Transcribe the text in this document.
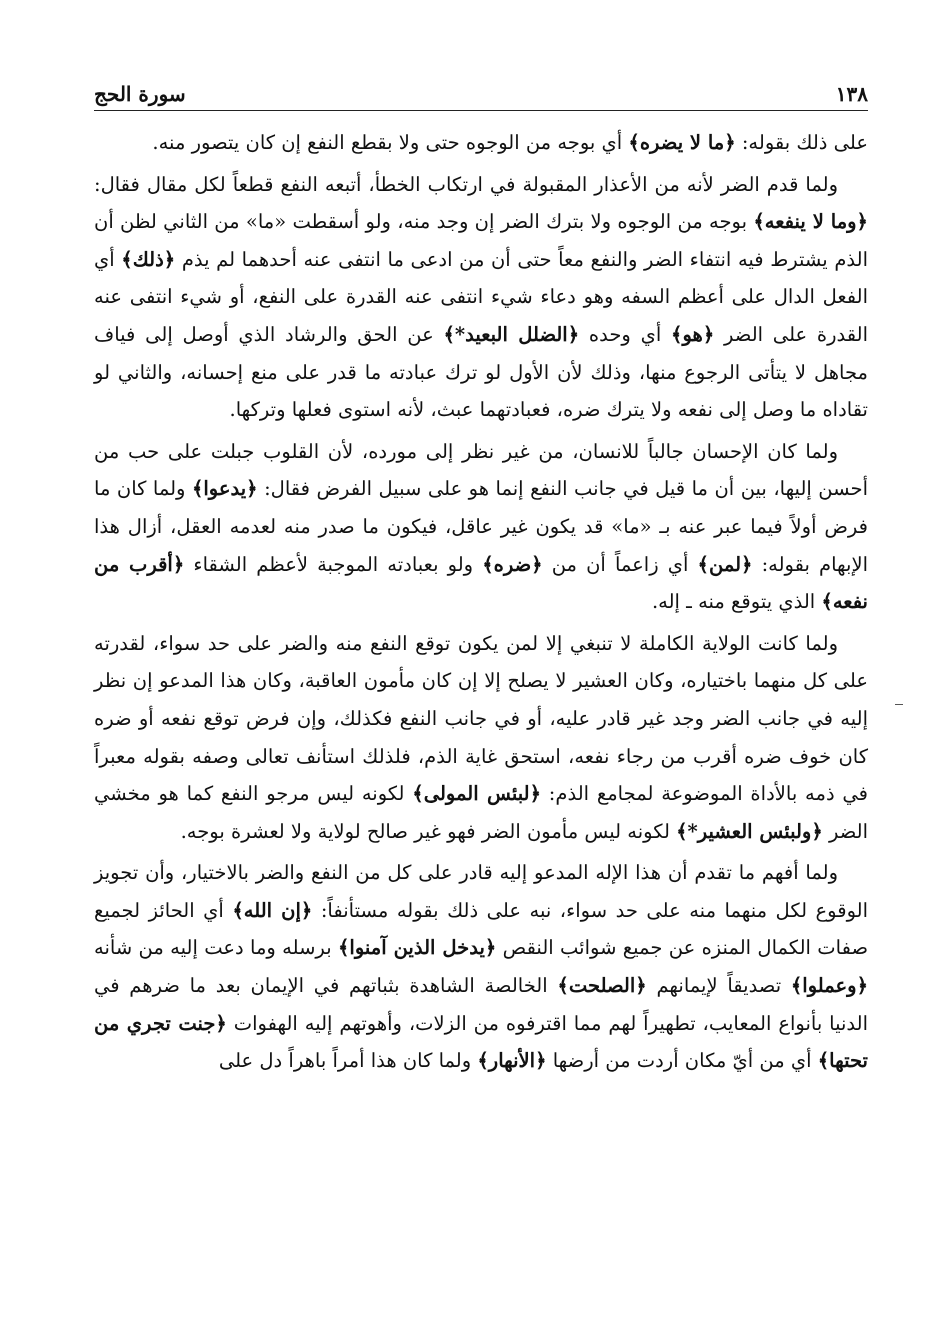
١٣٨
سورة الحج

على ذلك بقوله: ﴿ما لا يضره﴾ أي بوجه من الوجوه حتى ولا بقطع النفع إن كان يتصور منه.

ولما قدم الضر لأنه من الأعذار المقبولة في ارتكاب الخطأ، أتبعه النفع قطعاً لكل مقال فقال: ﴿وما لا ينفعه﴾ بوجه من الوجوه ولا بترك الضر إن وجد منه، ولو أسقطت «ما» من الثاني لظن أن الذم يشترط فيه انتفاء الضر والنفع معاً حتى أن من ادعى ما انتفى عنه أحدهما لم يذم ﴿ذلك﴾ أي الفعل الدال على أعظم السفه وهو دعاء شيء انتفى عنه القدرة على النفع، أو شيء انتفى عنه القدرة على الضر ﴿هو﴾ أي وحده ﴿الضلل البعيد*﴾ عن الحق والرشاد الذي أوصل إلى فياف مجاهل لا يتأتى الرجوع منها، وذلك لأن الأول لو ترك عبادته ما قدر على منع إحسانه، والثاني لو تقاداه ما وصل إلى نفعه ولا يترك ضره، فعبادتهما عبث، لأنه استوى فعلها وتركها.

ولما كان الإحسان جالباً للانسان، من غير نظر إلى مورده، لأن القلوب جبلت على حب من أحسن إليها، بين أن ما قيل في جانب النفع إنما هو على سبيل الفرض فقال: ﴿يدعوا﴾ ولما كان ما فرض أولاً فيما عبر عنه بـ «ما» قد يكون غير عاقل، فيكون ما صدر منه لعدمه العقل، أزال هذا الإبهام بقوله: ﴿لمن﴾ أي زاعماً أن من ﴿ضره﴾ ولو بعبادته الموجبة لأعظم الشقاء ﴿أقرب من نفعه﴾ الذي يتوقع منه ـ إله.

ولما كانت الولاية الكاملة لا تنبغي إلا لمن يكون توقع النفع منه والضر على حد سواء، لقدرته على كل منهما باختياره، وكان العشير لا يصلح إلا إن كان مأمون العاقبة، وكان هذا المدعو إن نظر إليه في جانب الضر وجد غير قادر عليه، أو في جانب النفع فكذلك، وإن فرض توقع نفعه أو ضره كان خوف ضره أقرب من رجاء نفعه، استحق غاية الذم، فلذلك استأنف تعالى وصفه بقوله معبراً في ذمه بالأداة الموضوعة لمجامع الذم: ﴿لبئس المولى﴾ لكونه ليس مرجو النفع كما هو مخشي الضر ﴿ولبئس العشير*﴾ لكونه ليس مأمون الضر فهو غير صالح لولاية ولا لعشرة بوجه.

ولما أفهم ما تقدم أن هذا الإله المدعو إليه قادر على كل من النفع والضر بالاختيار، وأن تجويز الوقوع لكل منهما منه على حد سواء، نبه على ذلك بقوله مستأنفاً: ﴿إن الله﴾ أي الحائز لجميع صفات الكمال المنزه عن جميع شوائب النقص ﴿يدخل الذين آمنوا﴾ برسله وما دعت إليه من شأنه ﴿وعملوا﴾ تصديقاً لإيمانهم ﴿الصلحت﴾ الخالصة الشاهدة بثباتهم في الإيمان بعد ما ضرهم في الدنيا بأنواع المعايب، تطهيراً لهم مما اقترفوه من الزلات، وأهوتهم إليه الهفوات ﴿جنت تجري من تحتها﴾ أي من أيّ مكان أردت من أرضها ﴿الأنهار﴾ ولما كان هذا أمراً باهراً دل على
